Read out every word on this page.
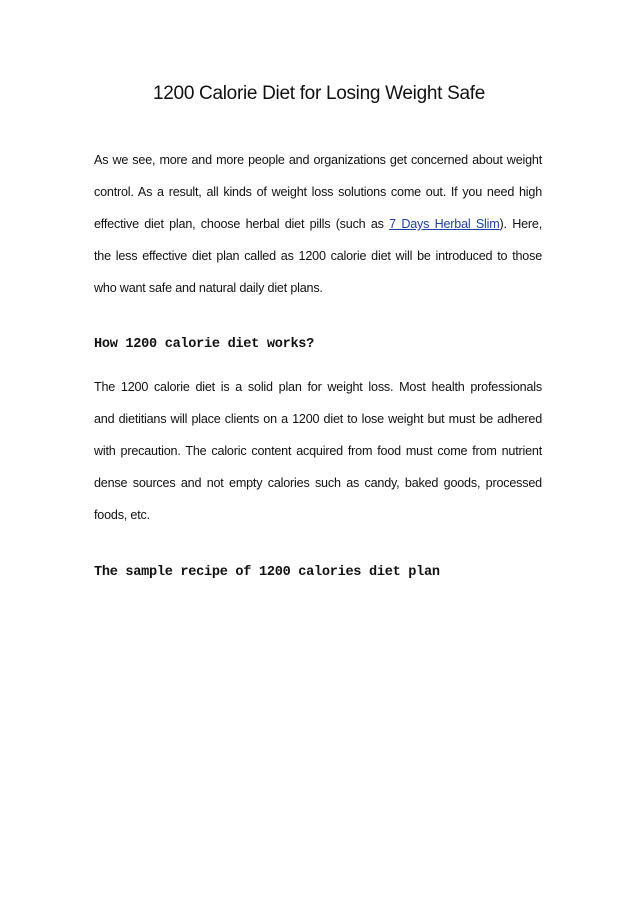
1200 Calorie Diet for Losing Weight Safe
As we see, more and more people and organizations get concerned about weight
control. As a result, all kinds of weight loss solutions come out. If you need high
effective diet plan, choose herbal diet pills (such as 7 Days Herbal Slim). Here,
the less effective diet plan called as 1200 calorie diet will be introduced to those
who want safe and natural daily diet plans.
How 1200 calorie diet works?
The 1200 calorie diet is a solid plan for weight loss. Most health professionals
and dietitians will place clients on a 1200 diet to lose weight but must be adhered
with precaution. The caloric content acquired from food must come from nutrient
dense sources and not empty calories such as candy, baked goods, processed
foods, etc.
The sample recipe of 1200 calories diet plan
